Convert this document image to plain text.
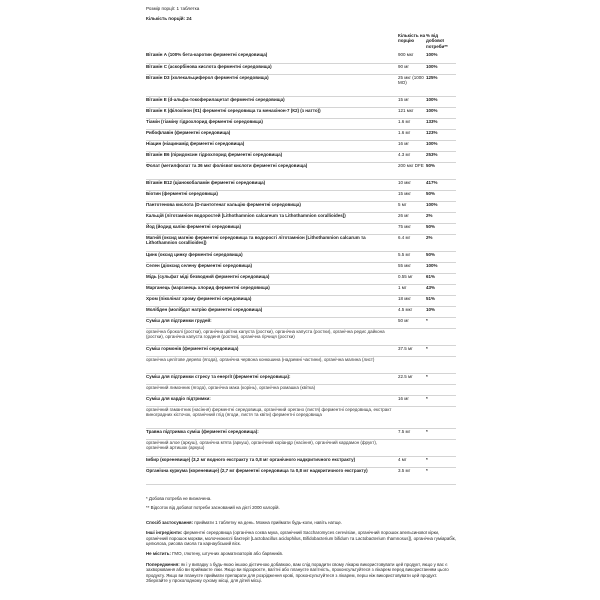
Розмір порції: 1 таблетка
Кількість порцій: 24
	Кількість на порцію	% від добової потреби**
Вітамін А (100% бета-каротин ферментні середовища)	900 мкг	100%
Вітамін С (аскорбінова кислота ферментні середовища)	90 мг	100%
Вітамін D3 (холекальциферол ферментні середовища)	25 мкг (1000 МО)	125%
Вітамін Е (d-альфа-токоферилацетат ферментні середовища)	15 мг	100%
Вітамін К (філохінон (К1) ферментні середовища та менахінон-7 (К2) (з натто))	121 мкг	100%
Тіамін (тіаміну гідрохлорид ферментні середовища)	1.6 мг	133%
Рибофлавін (ферментні середовища)	1.6 мг	123%
Ніацин (ніацинамід ферментні середовища)	16 мг	100%
Вітамін В6 (піридоксин гідрохлорид ферментні середовища)	4.3 мг	253%
Фолат (метилфолат та 36 мкг фолієвої кислоти ферментні середовища)	200 мкг DFE	50%
Вітамін В12 (ціанокобаламін ферментні середовища)	10 мкг	417%
Біотин (ферментні середовища)	15 мкг	50%
Пантотенова кислота (D-пантотенат кальцію ферментні середовища)	5 мг	100%
Кальцій (літотамніон водоростей [Lithothamnion calcareum та Lithothamnion corallioides])	26 мг	2%
Йод (йодид калію ферментні середовища)	75 мкг	50%
Магній (оксид магнію ферментні середовища та водорості літотамніон [Lithothamnion calcarum та Lithothamnion corallioides])	6.4 мг	2%
Цинк (оксид цинку ферментні середовища)	5.5 мг	50%
Селен (діоксид селену ферментні середовища)	55 мкг	100%
Мідь (сульфат міді безводний ферментні середовища)	0.55 мг	61%
Марганець (марганець хлорид ферментні середовища)	1 мг	43%
Хром (піколінат хрому ферментні середовища)	18 мкг	51%
Молібден (молібдат натрію ферментні середовища)	4.5 мкг	10%
Суміш для підтримки грудей:	50 мг	*
органічна броколі (ростки), органічна цвітна капуста (ростки), органічна капуста (ростки), органічна редис дайкона (ростки), органічна капуста горденя (ростки), органічна гірчиця (ростки)		
Суміш гормонів (ферментні середовища)	37.5 мг	*
органічна целітове дерево (ягода), органічна червона конюшина (надземні частини), органічна малина (лист)		
Суміш для підтримки стресу та енергії (ферментні середовища):	22.5 мг	*
органічний лимонник (ягода), органічна мака (корінь), органічна ромашка (квітка)		
Суміш для кардіо підтримки:	16 мг	*
органічний гамантник (насіння) ферментні середовища, органічний орегано (листя) ферментні середовища, екстракт виноградних кісточок, органічний глід (ягоди, листя та квіти) ферментні середовища		
Травна підтримка суміш (ферментні середовища):	7.5 мг	*
органічний алое (аркуш), органічна м'ята (аркуш), органічний коріандр (насіння), органічний кардамон (фрукт), органічний артишок (аркуш)		
Імбир (кореневище) (3,2 мг водного екстракту та 0,8 мг органічного надкритичного екстракту)	4 мг	*
Органічна куркума (кореневище) (2,7 мг ферментні середовища та 0,8 мг надкритичного екстракту)	3.5 мг	*

* Добова потреба не визначена.

** Відсоток від добової потреби заснований на дієті 2000 калорій.

Спосіб застосування: приймати 1 таблетку на день. Можна приймати будь-коли, навіть натще.

Інші інгредієнти: ферментні середовища (органічна соєва мука, органічний Saccharomyces cerevisiae, органічний порошок апельсинової кірки, органічний порошок моркви, молочнокислі бактерії [Lactobacillus acidophilus, Bifidobacterium bifidum та Lactobacterium rhamnosus]), органічна гуміараб́ік, целюлоза, рисова смола та карнаубський віск.

Не містить: ГМО, глютену, штучних ароматизаторів або барвників.

Попередження: як і у випадку з будь-якою іншою дієтичною добавкою, вам слід порадити свому лікарю використовувати цей продукт, якщо у вас є захворювання або ви приймаєте ліки. Якщо ви підозрюєте, вагітні або плануєте вагітність, проконсультуйтеся з лікарем перед використанням цього продукту. Якщо ви плануєте приймати препарати для розрідження крові, проконсультуйтеся з лікарем, перш ніж використовувати цей продукт. Зберігайте у прохолодному сухому місці, для дітей місці.
